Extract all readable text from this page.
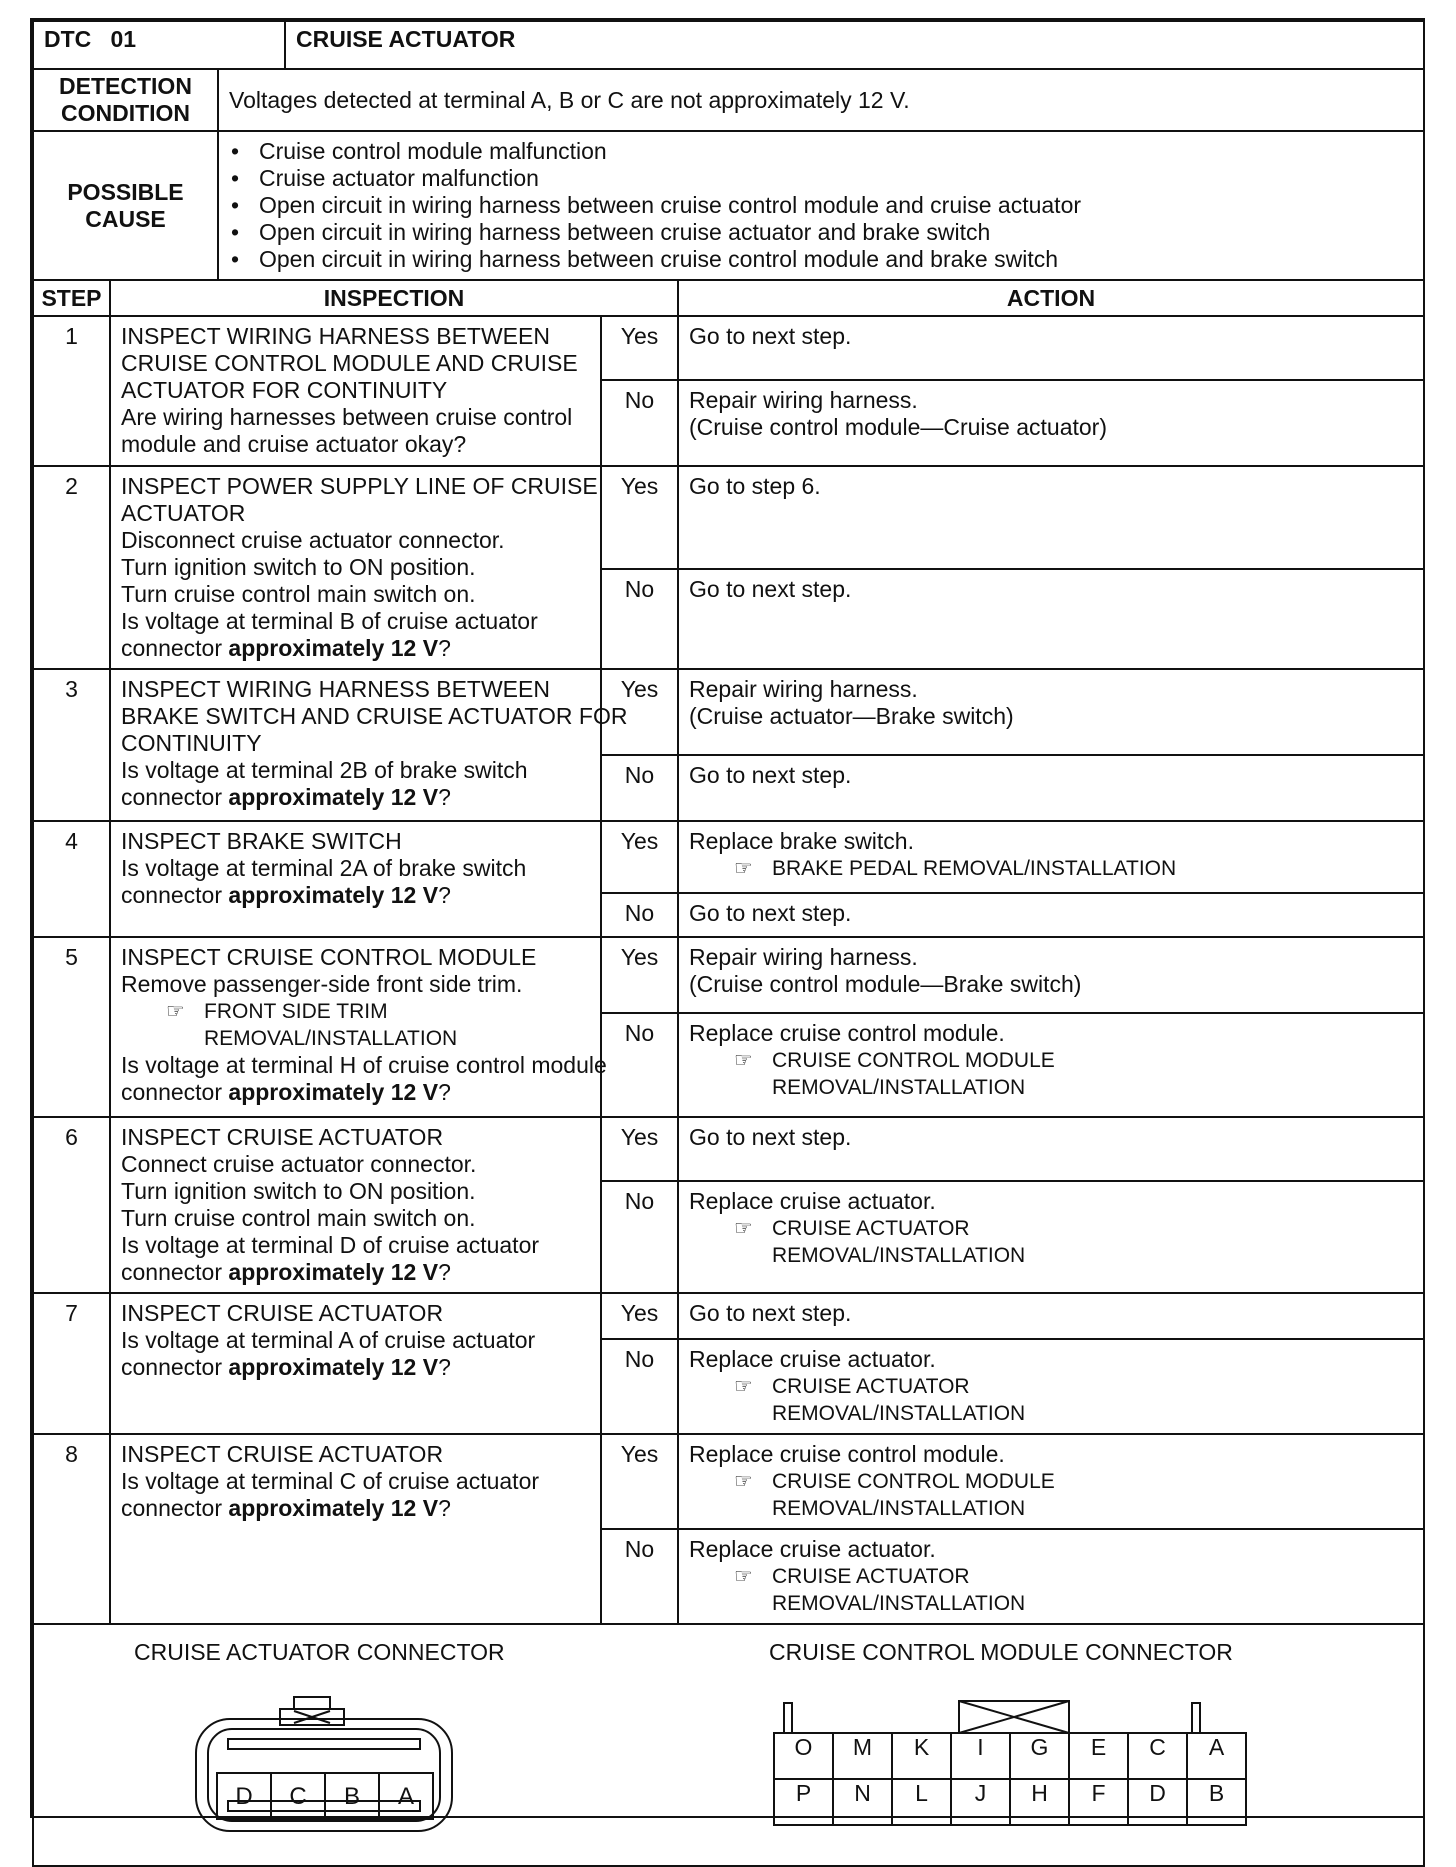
DTC 01	CRUISE ACTUATOR

DETECTION
CONDITION
	Voltages detected at terminal A, B or C are not approximately 12 V.

POSSIBLE
CAUSE

• Cruise control module malfunction
• Cruise actuator malfunction
• Open circuit in wiring harness between cruise control module and cruise actuator
• Open circuit in wiring harness between cruise actuator and brake switch
• Open circuit in wiring harness between cruise control module and brake switch

STEP	INSPECTION	ACTION
1	INSPECT WIRING HARNESS BETWEEN
CRUISE CONTROL MODULE AND CRUISE
ACTUATOR FOR CONTINUITY
Are wiring harnesses between cruise control
module and cruise actuator okay?
	Yes	Go to next step.

No	Repair wiring harness.
(Cruise control module—Cruise actuator)

2	INSPECT POWER SUPPLY LINE OF CRUISE
ACTUATOR
Disconnect cruise actuator connector.
Turn ignition switch to ON position.
Turn cruise control main switch on.
Is voltage at terminal B of cruise actuator
connector approximately 12 V?
	Yes	Go to step 6.

No	Go to next step.

3	INSPECT WIRING HARNESS BETWEEN
BRAKE SWITCH AND CRUISE ACTUATOR FOR
CONTINUITY
Is voltage at terminal 2B of brake switch
connector approximately 12 V?
	Yes	Repair wiring harness.
(Cruise actuator—Brake switch)

No	Go to next step.

4	INSPECT BRAKE SWITCH
Is voltage at terminal 2A of brake switch
connector approximately 12 V?
	Yes	Replace brake switch.
☞ BRAKE PEDAL REMOVAL/INSTALLATION

No	Go to next step.

5	INSPECT CRUISE CONTROL MODULE
Remove passenger-side front side trim.
☞ FRONT SIDE TRIM
REMOVAL/INSTALLATION
Is voltage at terminal H of cruise control module
connector approximately 12 V?
	Yes	Repair wiring harness.
(Cruise control module—Brake switch)

No	Replace cruise control module.
☞ CRUISE CONTROL MODULE
REMOVAL/INSTALLATION

6	INSPECT CRUISE ACTUATOR
Connect cruise actuator connector.
Turn ignition switch to ON position.
Turn cruise control main switch on.
Is voltage at terminal D of cruise actuator
connector approximately 12 V?
	Yes	Go to next step.

No	Replace cruise actuator.
☞ CRUISE ACTUATOR
REMOVAL/INSTALLATION

7	INSPECT CRUISE ACTUATOR
Is voltage at terminal A of cruise actuator
connector approximately 12 V?
	Yes	Go to next step.

No	Replace cruise actuator.
☞ CRUISE ACTUATOR
REMOVAL/INSTALLATION

8	INSPECT CRUISE ACTUATOR
Is voltage at terminal C of cruise actuator
connector approximately 12 V?
	Yes	Replace cruise control module.
☞ CRUISE CONTROL MODULE
REMOVAL/INSTALLATION

No	Replace cruise actuator.
☞ CRUISE ACTUATOR
REMOVAL/INSTALLATION

CRUISE ACTUATOR CONNECTOR
D	C	B	A
CRUISE CONTROL MODULE CONNECTOR
O	M	K	I	G	E	C	A
P	N	L	J	H	F	D	B
